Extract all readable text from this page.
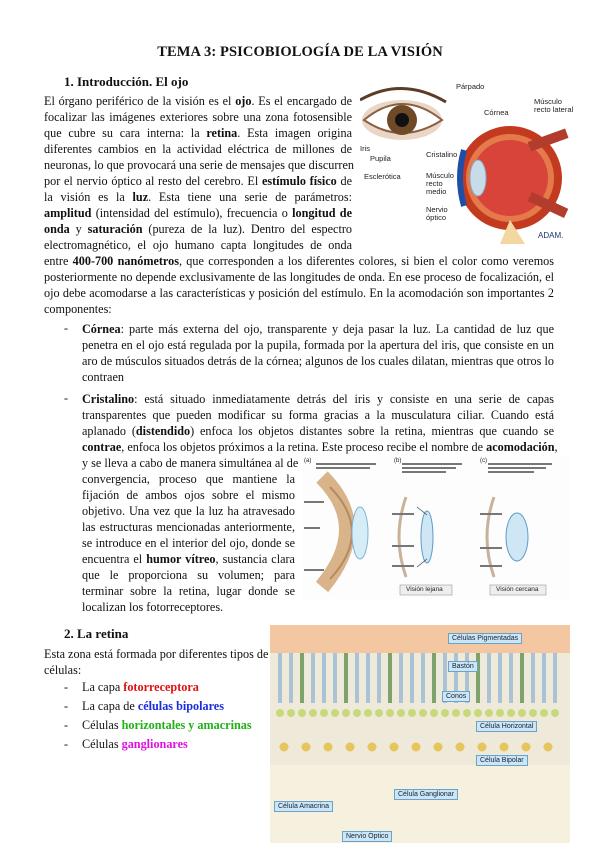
TEMA 3: PSICOBIOLOGÍA DE LA VISIÓN
1. Introducción. El ojo
El órgano periférico de la visión es el ojo. Es el encargado de
focalizar las imágenes exteriores sobre una zona fotosensible
que cubre su cara interna: la retina. Esta imagen origina
diferentes cambios en la actividad eléctrica de millones de
neuronas, lo que provocará una serie de mensajes que discurren
por el nervio óptico al resto del cerebro. El estímulo físico de
la visión es la luz. Esta tiene una serie de parámetros:
amplitud (intensidad del estímulo), frecuencia o longitud de
onda y saturación (pureza de la luz). Dentro del espectro
electromagnético, el ojo humano capta longitudes de onda
entre 400-700 nanómetros, que corresponden a los diferentes colores, si bien el color como veremos
posteriormente no depende exclusivamente de las longitudes de onda. En ese proceso de focalización, el
ojo debe acomodarse a las características y posición del estímulo. En la acomodación son importantes 2
componentes:
- Córnea: parte más externa del ojo, transparente y deja pasar la luz. La cantidad de luz que
penetra en el ojo está regulada por la pupila, formada por la apertura del iris, que consiste en un
aro de músculos situados detrás de la córnea; algunos de los cuales dilatan, mientras que otros lo
contraen
- Cristalino: está situado inmediatamente detrás del iris y consiste en una serie de capas
transparentes que pueden modificar su forma gracias a la musculatura ciliar. Cuando está
aplanado (distendido) enfoca los objetos distantes sobre la retina, mientras que cuando se
contrae, enfoca los objetos próximos a la retina. Este proceso recibe el nombre de acomodación,
y se lleva a cabo de manera simultánea al de
convergencia, proceso que mantiene la
fijación de ambos ojos sobre el mismo
objetivo. Una vez que la luz ha atravesado
las estructuras mencionadas anteriormente,
se introduce en el interior del ojo, donde se
encuentra el humor vítreo, sustancia clara
que le proporciona su volumen; para
terminar sobre la retina, lugar donde se
localizan los fotorreceptores.
ADAM.
Párpado
Córnea
Músculo recto lateral
Iris
Pupila	Cristalino
Esclerótica	Músculo recto medio
Nervio óptico
(a)	(b)	(c)
Visión lejana	Visión cercana
2. La retina
Esta zona está formada por diferentes tipos de
células:
- La capa fotorreceptora
- La capa de células bipolares
- Células horizontales y amacrinas
- Células ganglionares
Células Pigmentadas
Bastón
Conos
Célula Horizontal
Célula Bipolar
Célula Ganglionar
Célula Amacrina
Nervio Óptico
